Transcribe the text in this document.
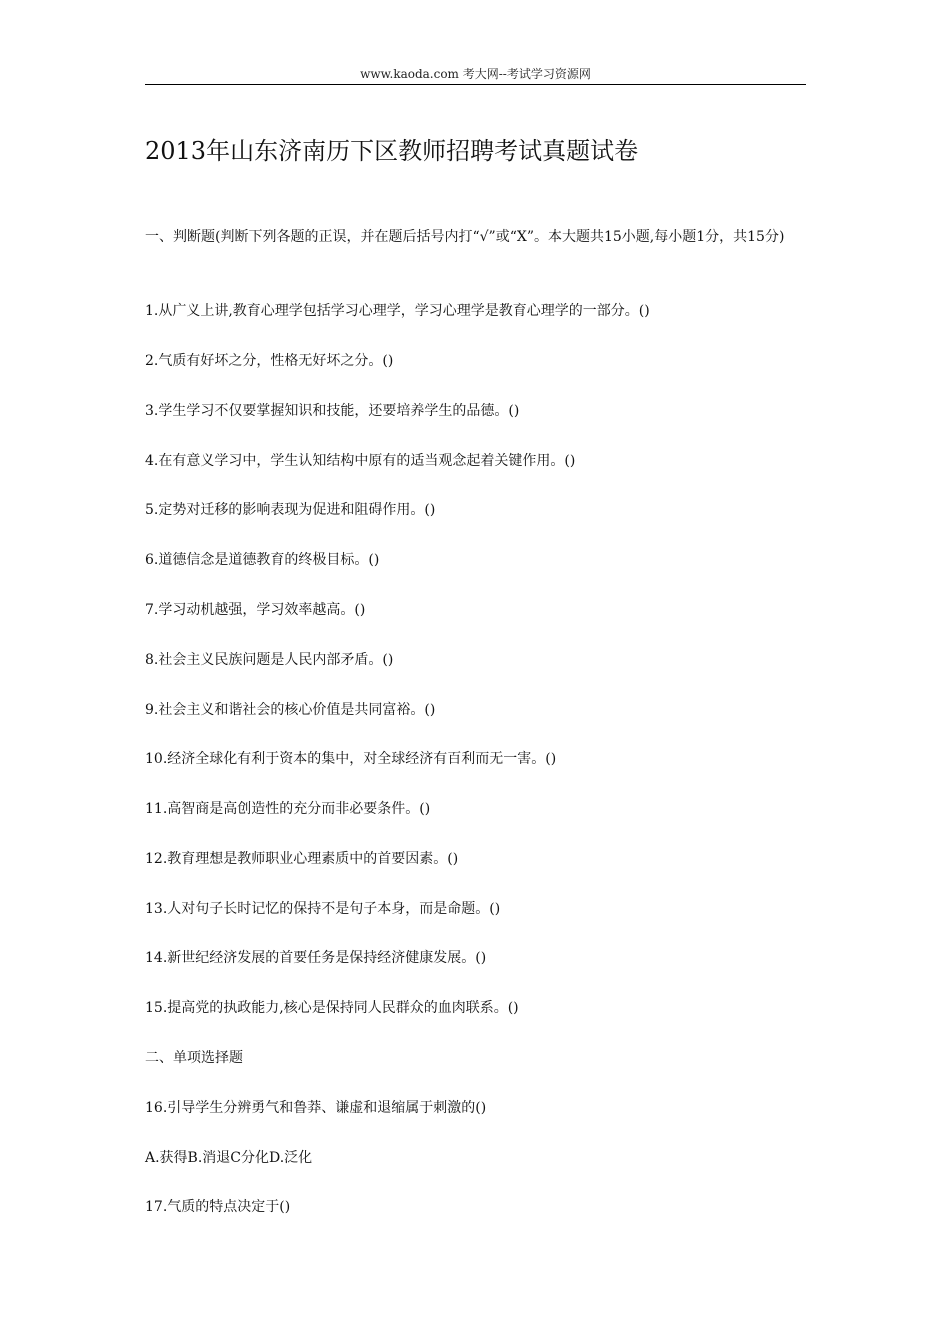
www.kaoda.com 考大网--考试学习资源网
2013年山东济南历下区教师招聘考试真题试卷
一、判断题(判断下列各题的正误，并在题后括号内打“√”或“X”。本大题共15小题,每小题1分，共15分)
1.从广义上讲,教育心理学包括学习心理学，学习心理学是教育心理学的一部分。()
2.气质有好坏之分，性格无好坏之分。()
3.学生学习不仅要掌握知识和技能，还要培养学生的品德。()
4.在有意义学习中，学生认知结构中原有的适当观念起着关键作用。()
5.定势对迁移的影响表现为促进和阻碍作用。()
6.道德信念是道德教育的终极目标。()
7.学习动机越强，学习效率越高。()
8.社会主义民族问题是人民内部矛盾。()
9.社会主义和谐社会的核心价值是共同富裕。()
10.经济全球化有利于资本的集中，对全球经济有百利而无一害。()
11.高智商是高创造性的充分而非必要条件。()
12.教育理想是教师职业心理素质中的首要因素。()
13.人对句子长时记忆的保持不是句子本身，而是命题。()
14.新世纪经济发展的首要任务是保持经济健康发展。()
15.提高党的执政能力,核心是保持同人民群众的血肉联系。()
二、单项选择题
16.引导学生分辨勇气和鲁莽、谦虚和退缩属于刺激的()
A.获得B.消退C分化D.泛化
17.气质的特点决定于()
